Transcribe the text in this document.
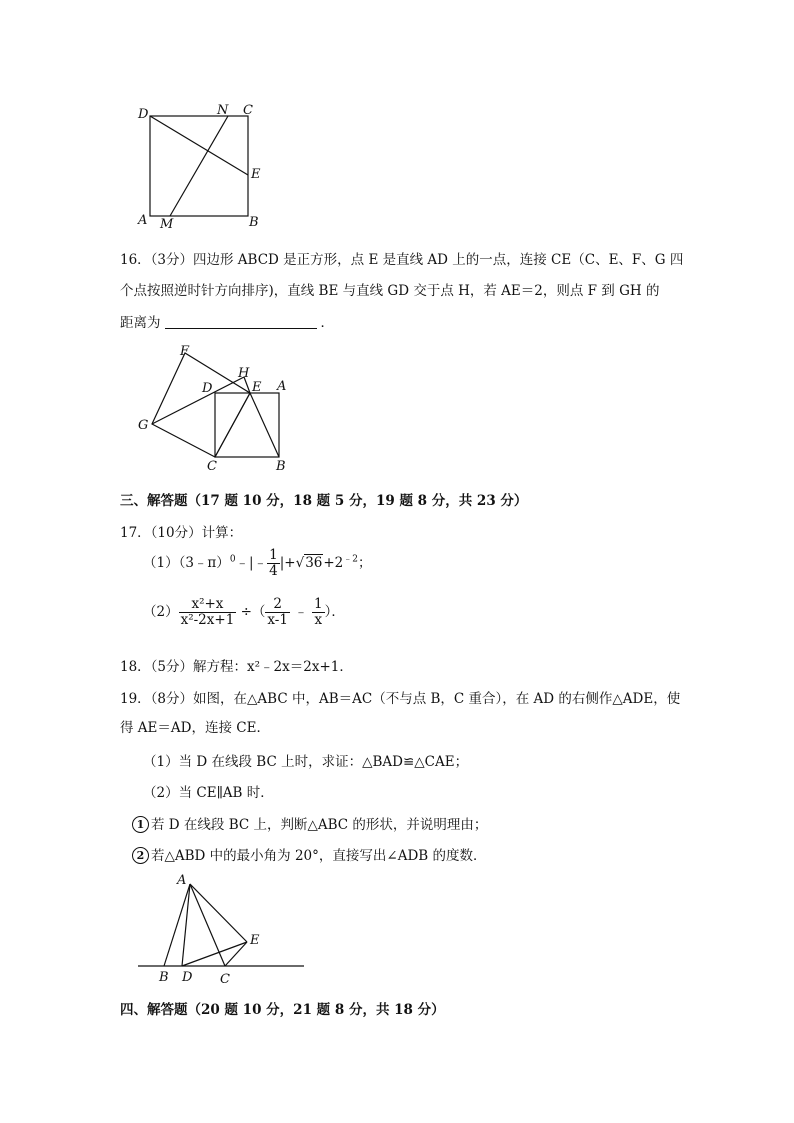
D	N C
E
A M	B
16．（3分）四边形 ABCD 是正方形，点 E 是直线 AD 上的一点，连接 CE（C、E、F、G 四
个点按照逆时针方向排序)，直线 BE 与直线 GD 交于点 H，若 AE＝2，则点 F 到 GH 的
距离为	．
F
D
H
E A
G
C	B
三、解答题（17 题 10 分，18 题 5 分，19 题 8 分，共 23 分）
17．（10分）计算：
（1）（3﹣π）$^0$﹣|﹣ $\frac{1}{4} |+√36+2^{﹣2}$；
$(2) \frac{\text{x²+x}}{\text{x²-2x+1}}$ ÷（ $\frac{2}{x-1}$ ﹣ $\frac{1}{x}$ ）．
18．（5分）解方程：x²﹣2x＝2x+1．
19．（8分）如图，在△ABC 中，AB＝AC（不与点 B，C 重合），在 AD 的右侧作△ADE，使
得 AE＝AD，连接 CE．
（1）当 D 在线段 BC 上时，求证：△BAD≌△CAE；
（2）当 CE∥AB 时．
1 若 D 在线段 BC 上，判断△ABC 的形状，并说明理由；
2 若△ABD 中的最小角为 20°，直接写出∠ADB 的度数．
A
E
B D C
四、解答题（20 题 10 分，21 题 8 分，共 18 分）
